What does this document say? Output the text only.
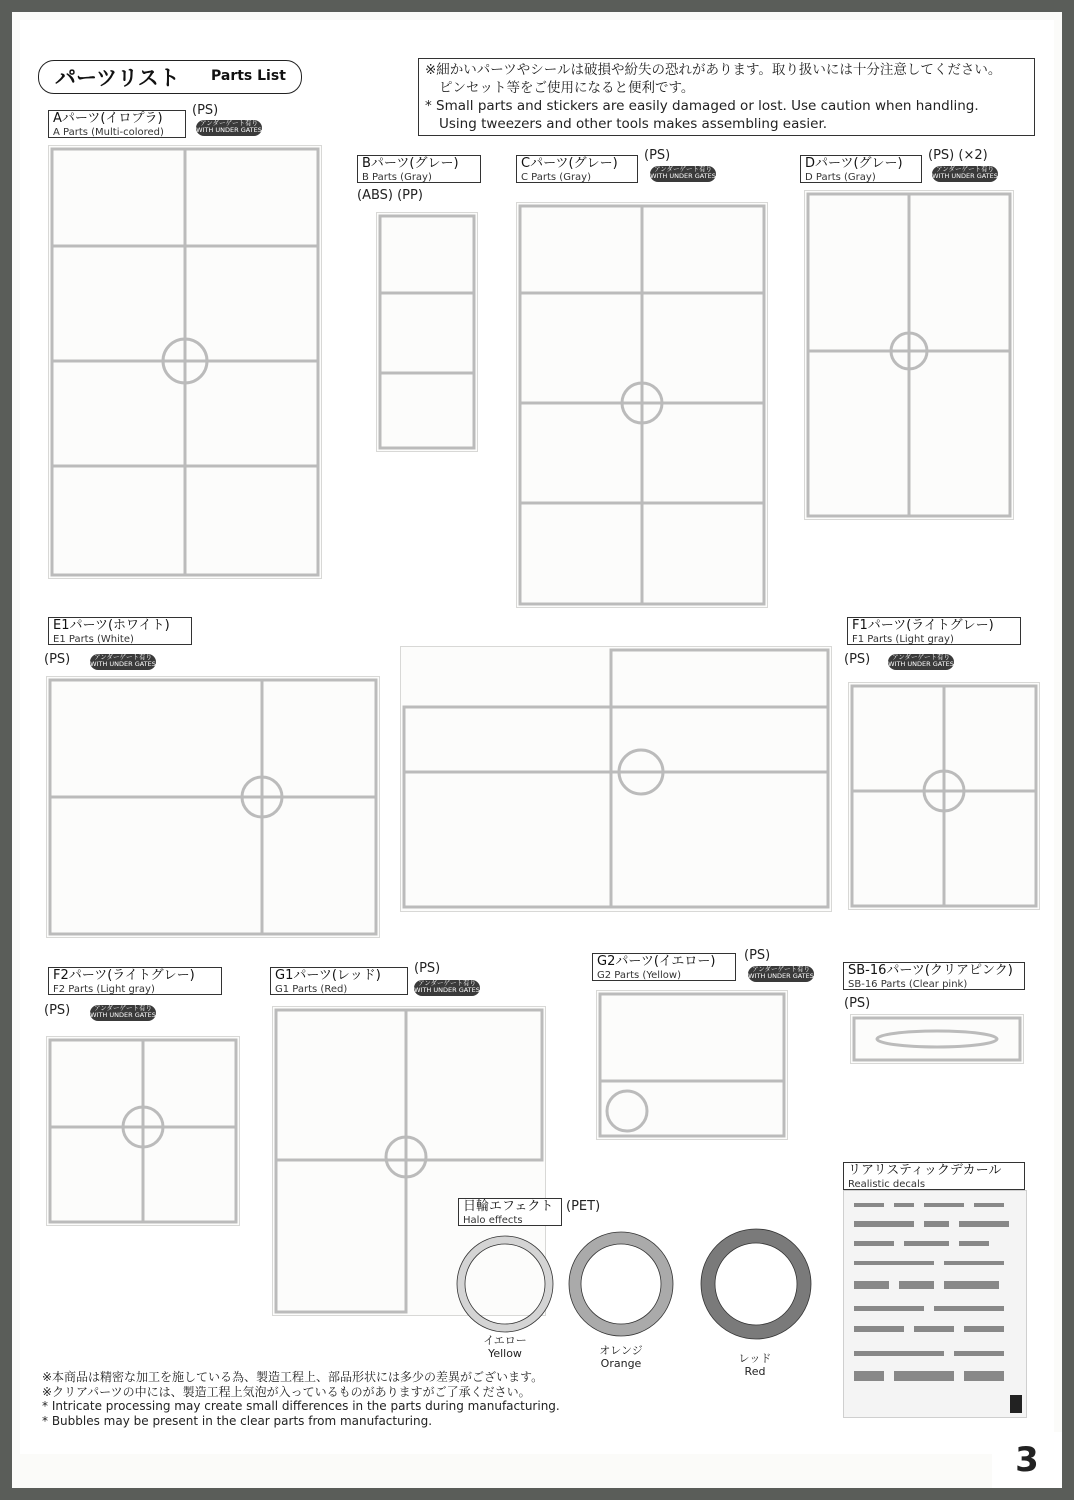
パーツリスト Parts List	※細かいパーツやシールは破損や紛失の恐れがあります。取り扱いには十分注意してください。
ピンセット等をご使用になると便利です。
* Small parts and stickers are easily damaged or lost. Use caution when handling.
Using tweezers and other tools makes assembling easier.
Aパーツ(イロプラ)
A Parts (Multi-colored)
(PS)
アンダーゲート有り
WITH UNDER GATES
Bパーツ(グレー)
B Parts (Gray)
(ABS) (PP)
Cパーツ(グレー)
C Parts (Gray)
(PS)
アンダーゲート有り
WITH UNDER GATES
Dパーツ(グレー)
D Parts (Gray)
(PS) (×2)
アンダーゲート有り
WITH UNDER GATES
E1パーツ(ホワイト)
E1 Parts (White)
(PS)	アンダーゲート有り
WITH UNDER GATES
F1パーツ(ライトグレー)
F1 Parts (Light gray)
(PS)	アンダーゲート有り
WITH UNDER GATES
F2パーツ(ライトグレー)
F2 Parts (Light gray)
(PS)	アンダーゲート有り
WITH UNDER GATES
G1パーツ(レッド)
G1 Parts (Red)
(PS)
アンダーゲート有り
WITH UNDER GATES
G2パーツ(イエロー)
G2 Parts (Yellow)
(PS)
アンダーゲート有り
WITH UNDER GATES	SB-16パーツ(クリアピンク)
SB-16 Parts (Clear pink)
(PS)
日輪エフェクト
Halo effects
(PET)
イエロー
Yellow	オレンジ
Orange	レッド
Red
リアリスティックデカール
Realistic decals
※本商品は精密な加工を施している為、製造工程上、部品形状には多少の差異がございます。
※クリアパーツの中には、製造工程上気泡が入っているものがありますがご了承ください。
* Intricate processing may create small differences in the parts during manufacturing.
* Bubbles may be present in the clear parts from manufacturing.
3
